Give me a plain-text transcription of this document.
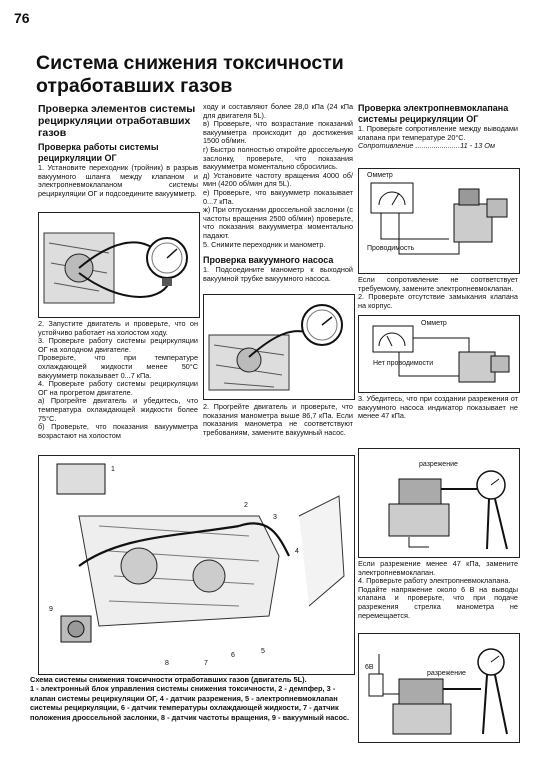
76
Система снижения токсичности
отработавших газов
Проверка элементов системы рециркуляции отработавших газов
Проверка работы системы рециркуляции ОГ

1. Установите переходник (тройник) в разрыв вакуумного шланга между клапаном и электропневмоклапаном системы рециркуляции ОГ и подсоедините вакуумметр.

2. Запустите двигатель и проверьте, что он устойчиво работает на холостом ходу.
3. Проверьте работу системы рециркуляции ОГ на холодном двигателе.
Проверьте, что при температуре охлаждающей жидкости менее 50°С вакуумметр показывает 0...7 кПа.
4. Проверьте работу системы рециркуляции ОГ на прогретом двигателе.
а) Прогрейте двигатель и убедитесь, что температура охлаждающей жидкости более 75°С.
б) Проверьте, что показания вакуумметра возрастают на холостом

ходу и составляют более 28,0 кПа (24 кПа для двигателя 5L).
в) Проверьте, что возрастание показаний вакуумметра происходит до достижения 1500 об/мин.
г) Быстро полностью откройте дроссельную заслонку, проверьте, что показания вакуумметра моментально сбросились.
д) Установите частоту вращения 4000 об/мин (4200 об/мин для 5L).
е) Проверьте, что вакуумметр показывает 0...7 кПа.
ж) При отпускании дроссельной заслонки (с частоты вращения 2500 об/мин) проверьте, что показания вакуумметра моментально падают.
5. Снимите переходник и манометр.

Проверка вакуумного насоса

1. Подсоедините манометр к выходной вакуумной трубке вакуумного насоса.

2. Прогрейте двигатель и проверьте, что показания манометра выше 86,7 кПа. Если показания манометра не соответствуют требованиям, замените вакуумный насос.

Проверка электропневмоклапана системы рециркуляции ОГ

1. Проверьте сопротивление между выводами клапана при температуре 20°С.

Сопротивление ......................11 - 13 Ом

Если сопротивление не соответствует требуемому, замените электропневмоклапан.
2. Проверьте отсутствие замыкания клапана на корпус.

3. Убедитесь, что при создании разрежения от вакуумного насоса индикатор показывает не менее 47 кПа.

Если разрежение менее 47 кПа, замените электропневмоклапан.
4. Проверьте работу электропневмоклапана.
Подайте напряжение около 6 В на выводы клапана и проверьте, что при подаче разрежения стрелка манометра не перемещается.

Омметр
Проводимость
Омметр
Нет проводимости
разрежение
6В
разрежение
1
2
3
4
5
6
7
8
9
Схема системы снижения токсичности отработавших газов (двигатель 5L).
1 - электронный блок управления системы снижения токсичности, 2 - демпфер, 3 - клапан системы рециркуляции ОГ, 4 - датчик разрежения, 5 - электропневмоклапан системы рециркуляции, 6 - датчик температуры охлаждающей жидкости, 7 - датчик положения дроссельной заслонки, 8 - датчик частоты вращения, 9 - вакуумный насос.
